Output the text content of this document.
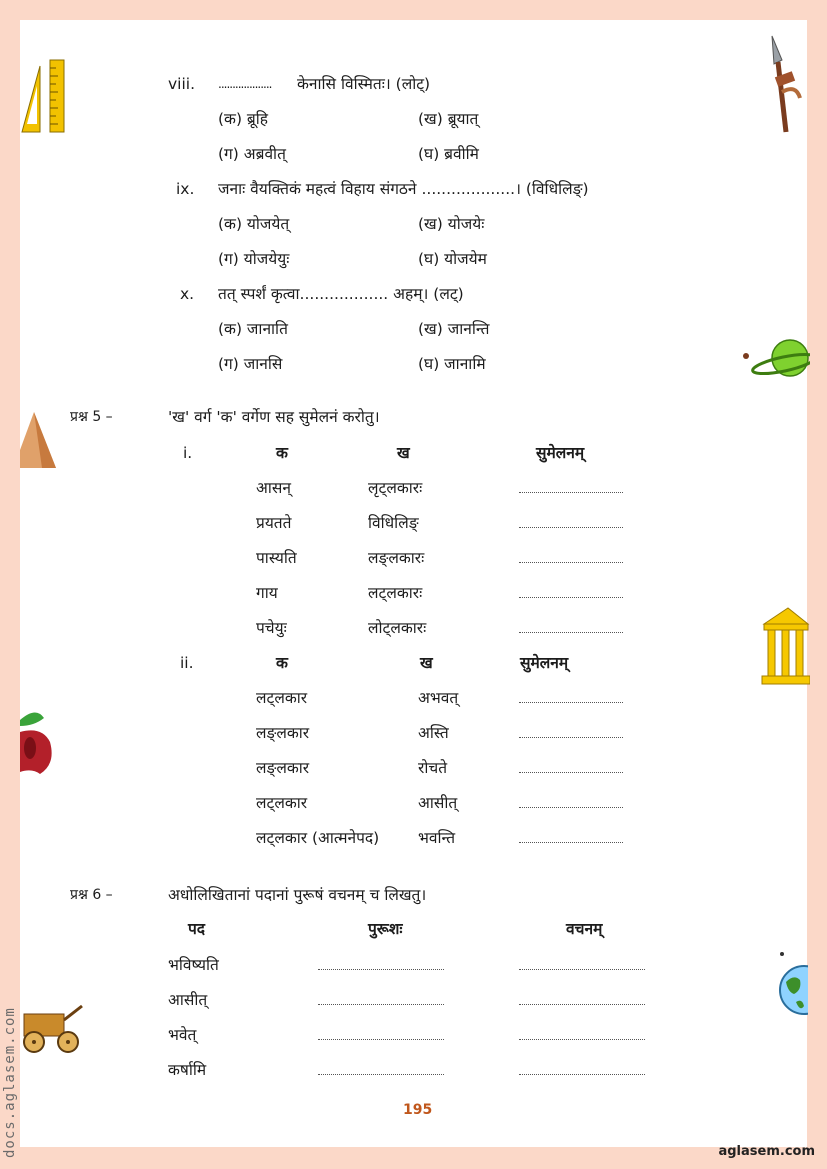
viii. ................... केनासि विस्मितः। (लोट्)
(क) ब्रूहि	(ख) ब्रूयात्
(ग) अब्रवीत्	(घ) ब्रवीमि
ix. जनाः वैयक्तिकं महत्वं विहाय संगठने ...................। (विधिलिङ्)
(क) योजयेत्	(ख) योजयेः
(ग) योजयेयुः	(घ) योजयेम
x. तत् स्पर्शं कृत्वा.................. अहम्। (लट्)
(क) जानाति	(ख) जानन्ति
(ग) जानसि	(घ) जानामि
प्रश्न 5 –	'ख' वर्ग 'क' वर्गेण सह सुमेलनं करोतु।
i.	क	ख	सुमेलनम्
आसन्	लृट्लकारः
प्रयतते	विधिलिङ्
पास्यति	लङ्लकारः
गाय	लट्लकारः
पचेयुः	लोट्लकारः
ii.	क	ख	सुमेलनम्
लट्लकार	अभवत्
लङ्लकार	अस्ति
लङ्लकार	रोचते
लट्लकार	आसीत्
लट्लकार (आत्मनेपद)	भवन्ति
प्रश्न 6 –	अधोलिखितानां पदानां पुरूषं वचनम् च लिखतु।
पद	पुरूशः	वचनम्
भविष्यति
आसीत्
भवेत्
कर्षामि
195
aglasem.com
docs.aglasem.com
